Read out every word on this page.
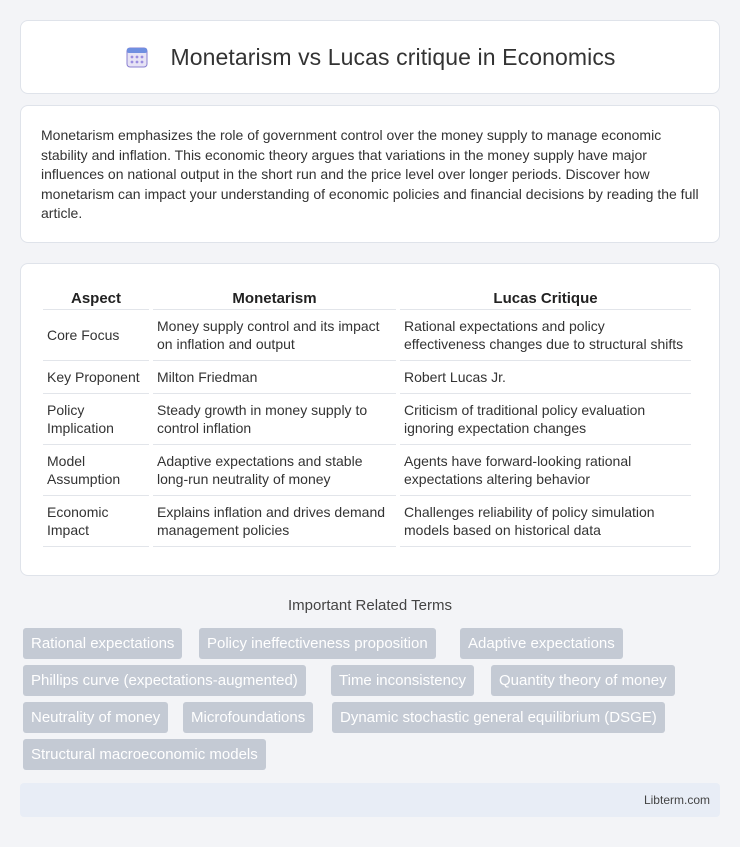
Monetarism vs Lucas critique in Economics

Monetarism emphasizes the role of government control over the money supply to manage economic stability and inflation. This economic theory argues that variations in the money supply have major influences on national output in the short run and the price level over longer periods. Discover how monetarism can impact your understanding of economic policies and financial decisions by reading the full article.

Aspect	Monetarism	Lucas Critique
Core Focus	Money supply control and its impact on inflation and output	Rational expectations and policy effectiveness changes due to structural shifts
Key Proponent	Milton Friedman	Robert Lucas Jr.
Policy Implication	Steady growth in money supply to control inflation	Criticism of traditional policy evaluation ignoring expectation changes
Model Assumption	Adaptive expectations and stable long-run neutrality of money	Agents have forward-looking rational expectations altering behavior
Economic Impact	Explains inflation and drives demand management policies	Challenges reliability of policy simulation models based on historical data
Important Related Terms
Rational expectations	Policy ineffectiveness proposition	Adaptive expectations
Phillips curve (expectations-augmented)	Time inconsistency	Quantity theory of money
Neutrality of money	Microfoundations	Dynamic stochastic general equilibrium (DSGE)
Structural macroeconomic models
Libterm.com
